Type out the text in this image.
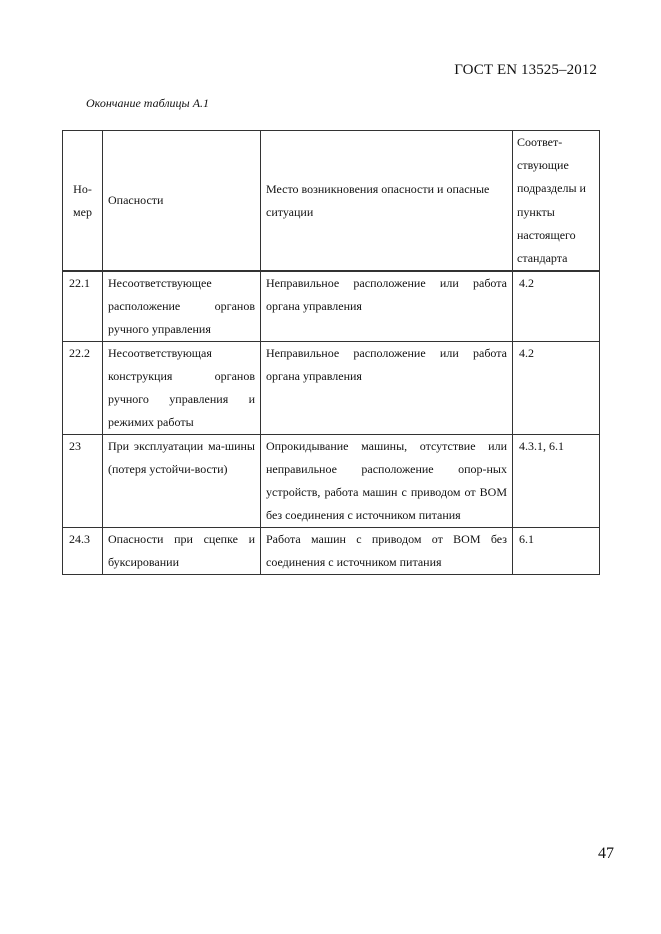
ГОСТ EN 13525–2012
Окончание таблицы А.1
Но-мер	Опасности	Место возникновения опасности и опасные ситуации	Соответ-ствующие подразделы и пункты настоящего стандарта
22.1	Несоответствующее расположение органов ручного управления	Неправильное расположение или работа органа управления	4.2
22.2	Несоответствующая конструкция органов ручного управления и режимих работы	Неправильное расположение или работа органа управления	4.2
23	При эксплуатации ма-шины (потеря устойчи-вости)	Опрокидывание машины, отсутствие или неправильное расположение опор-ных устройств, работа машин с приводом от ВОМ без соединения с источником питания	4.3.1, 6.1
24.3	Опасности при сцепке и буксировании	Работа машин с приводом от ВОМ без соединения с источником питания	6.1
47
